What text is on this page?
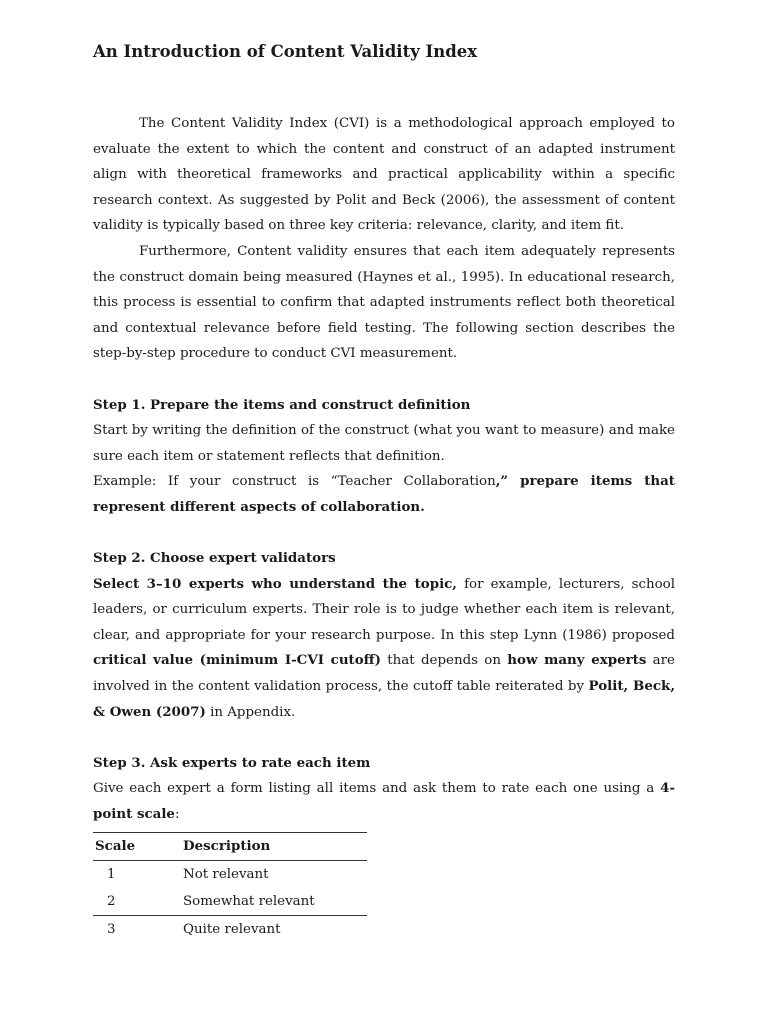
An Introduction of Content Validity Index

The Content Validity Index (CVI) is a methodological approach employed to evaluate the extent to which the content and construct of an adapted instrument align with theoretical frameworks and practical applicability within a specific research context. As suggested by Polit and Beck (2006), the assessment of content validity is typically based on three key criteria: relevance, clarity, and item fit.

Furthermore, Content validity ensures that each item adequately represents the construct domain being measured (Haynes et al., 1995). In educational research, this process is essential to confirm that adapted instruments reflect both theoretical and contextual relevance before field testing. The following section describes the step-by-step procedure to conduct CVI measurement.

Step 1. Prepare the items and construct definition

Start by writing the definition of the construct (what you want to measure) and make sure each item or statement reflects that definition.

Example: If your construct is “Teacher Collaboration,” prepare items that represent different aspects of collaboration.

Step 2. Choose expert validators

Select 3–10 experts who understand the topic, for example, lecturers, school leaders, or curriculum experts. Their role is to judge whether each item is relevant, clear, and appropriate for your research purpose. In this step Lynn (1986) proposed critical value (minimum I-CVI cutoff) that depends on how many experts are involved in the content validation process, the cutoff table reiterated by Polit, Beck, & Owen (2007) in Appendix.

Step 3. Ask experts to rate each item

Give each expert a form listing all items and ask them to rate each one using a 4-point scale:

Scale	Description
1	Not relevant
2	Somewhat relevant
3	Quite relevant
